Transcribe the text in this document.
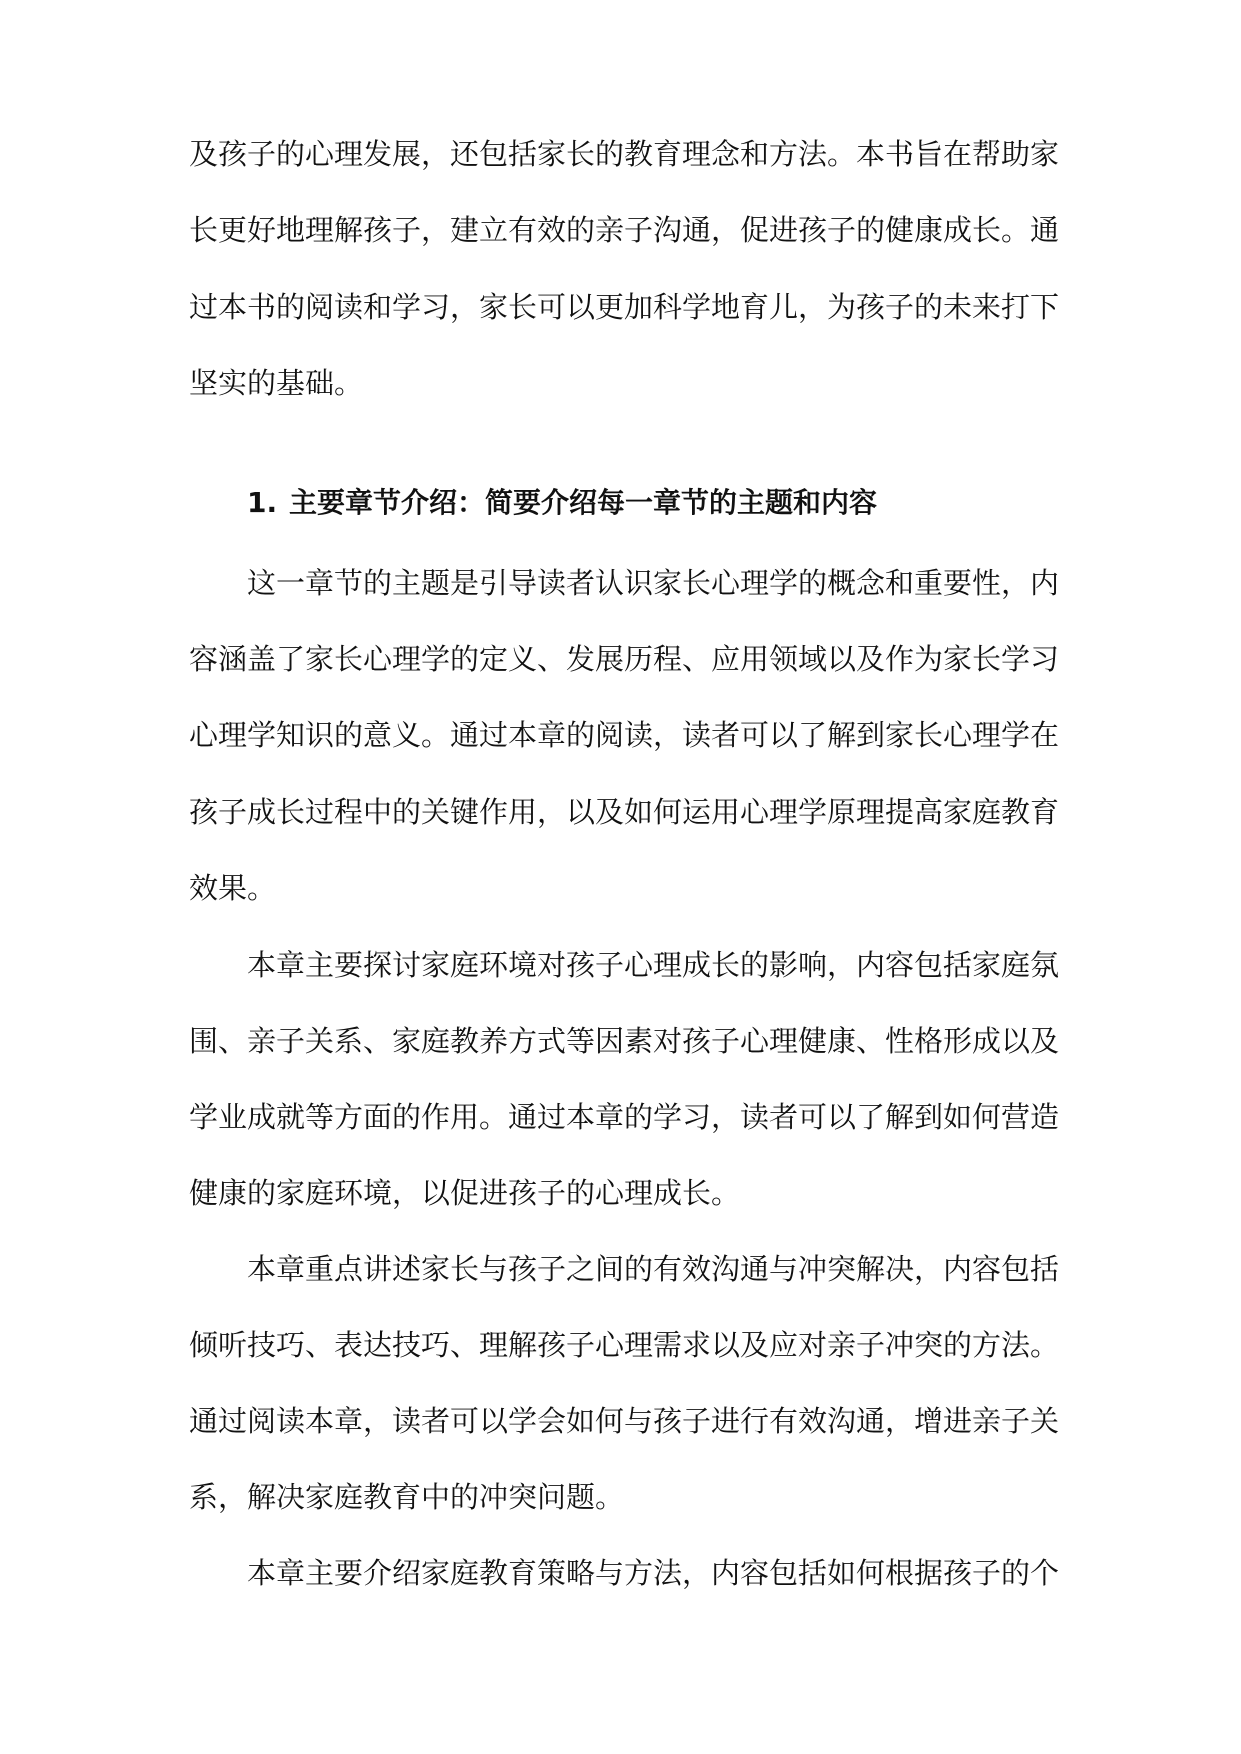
及孩子的心理发展，还包括家长的教育理念和方法。本书旨在帮助家
长更好地理解孩子，建立有效的亲子沟通，促进孩子的健康成长。通
过本书的阅读和学习，家长可以更加科学地育儿，为孩子的未来打下
坚实的基础。
1. 主要章节介绍：简要介绍每一章节的主题和内容
这一章节的主题是引导读者认识家长心理学的概念和重要性，内
容涵盖了家长心理学的定义、发展历程、应用领域以及作为家长学习
心理学知识的意义。通过本章的阅读，读者可以了解到家长心理学在
孩子成长过程中的关键作用，以及如何运用心理学原理提高家庭教育
效果。
本章主要探讨家庭环境对孩子心理成长的影响，内容包括家庭氛
围、亲子关系、家庭教养方式等因素对孩子心理健康、性格形成以及
学业成就等方面的作用。通过本章的学习，读者可以了解到如何营造
健康的家庭环境，以促进孩子的心理成长。
本章重点讲述家长与孩子之间的有效沟通与冲突解决，内容包括
倾听技巧、表达技巧、理解孩子心理需求以及应对亲子冲突的方法。
通过阅读本章，读者可以学会如何与孩子进行有效沟通，增进亲子关
系，解决家庭教育中的冲突问题。
本章主要介绍家庭教育策略与方法，内容包括如何根据孩子的个
